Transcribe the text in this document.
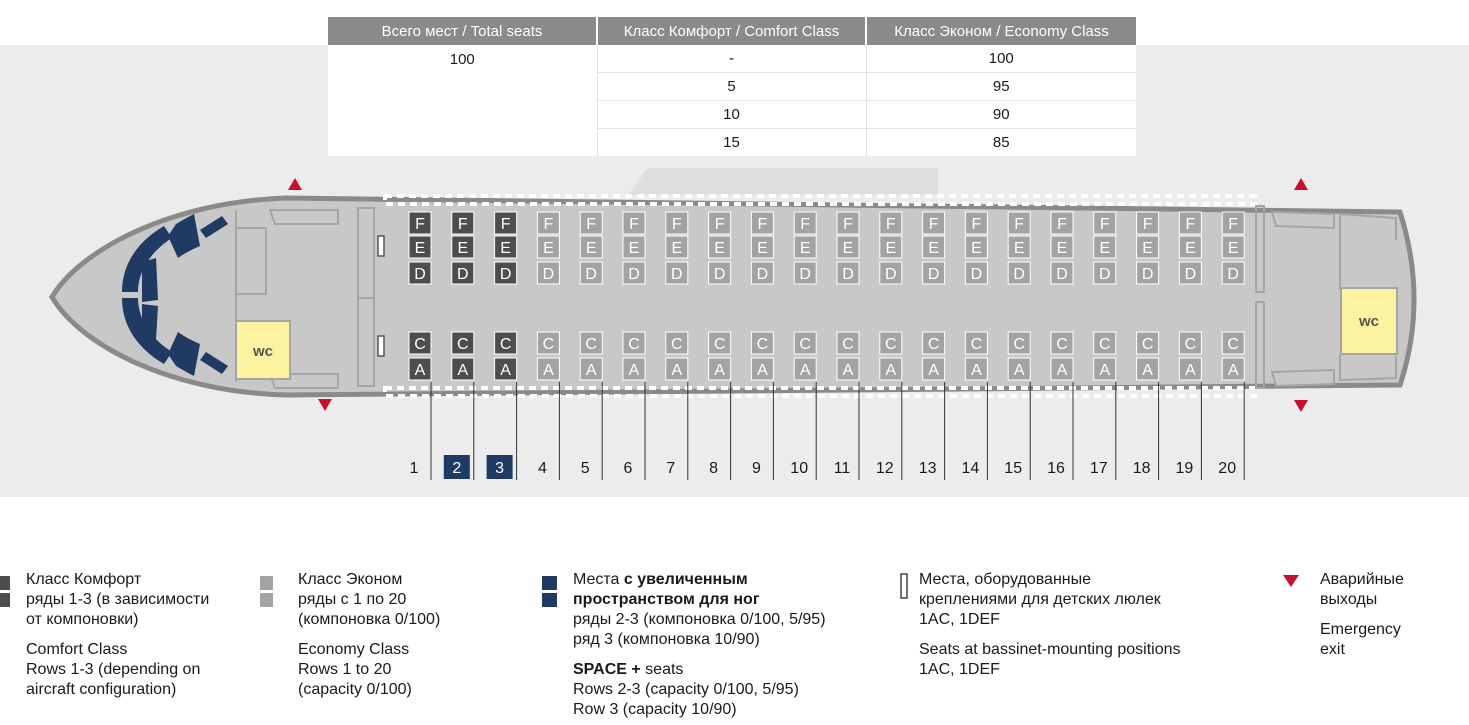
Всего мест / Total seats	Класс Комфорт / Comfort Class	Класс Эконом / Economy Class
100	-	100
	5	95
	10	90
	15	85
wc
wc
F
E
D
C
A
1
F
E
D
C
A
2
F
E
D
C
A
3
F
E
D
C
A
4
F
E
D
C
A
5
F
E
D
C
A
6
F
E
D
C
A
7
F
E
D
C
A
8
F
E
D
C
A
9
F
E
D
C
A
10
F
E
D
C
A
11
F
E
D
C
A
12
F
E
D
C
A
13
F
E
D
C
A
14
F
E
D
C
A
15
F
E
D
C
A
16
F
E
D
C
A
17
F
E
D
C
A
18
F
E
D
C
A
19
F
E
D
C
A
20

Класс Комфорт

ряды 1-3 (в зависимости

от компоновки)

Comfort Class

Rows 1-3 (depending on

aircraft configuration)

Класс Эконом

ряды с 1 по 20

(компоновка 0/100)

Economy Class

Rows 1 to 20

(capacity 0/100)

Места с увеличенным

пространством для ног

ряды 2-3 (компоновка 0/100, 5/95)

ряд 3 (компоновка 10/90)

SPACE + seats

Rows 2-3 (capacity 0/100, 5/95)

Row 3 (capacity 10/90)

Места, оборудованные

креплениями для детских люлек

1AC, 1DEF

Seats at bassinet-mounting positions

1AC, 1DEF

Аварийные

выходы

Emergency

exit
